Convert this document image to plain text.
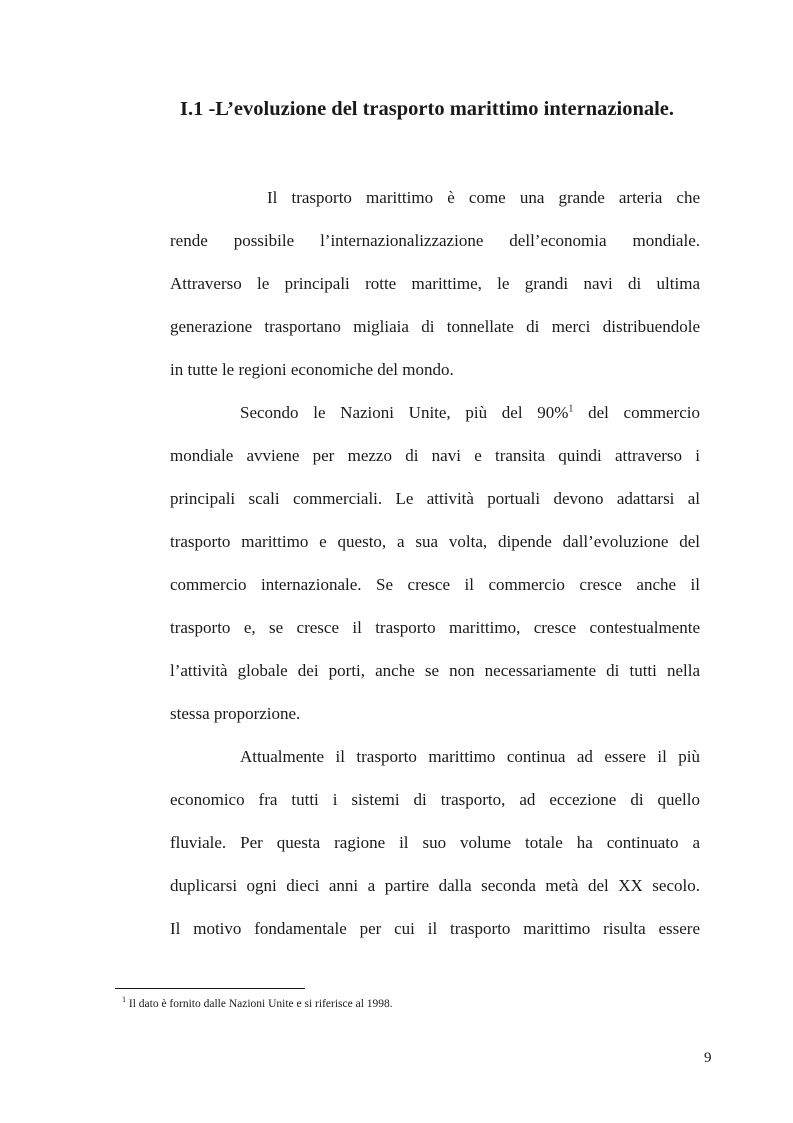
I.1 -L’evoluzione del trasporto marittimo internazionale.
Il trasporto marittimo è come una grande arteria che
rende possibile l’internazionalizzazione dell’economia mondiale.
Attraverso le principali rotte marittime, le grandi navi di ultima
generazione trasportano migliaia di tonnellate di merci distribuendole
in tutte le regioni economiche del mondo.
Secondo le Nazioni Unite, più del 90%$^1$ del commercio
mondiale avviene per mezzo di navi e transita quindi attraverso i
principali scali commerciali. Le attività portuali devono adattarsi al
trasporto marittimo e questo, a sua volta, dipende dall’evoluzione del
commercio internazionale. Se cresce il commercio cresce anche il
trasporto e, se cresce il trasporto marittimo, cresce contestualmente
l’attività globale dei porti, anche se non necessariamente di tutti nella
stessa proporzione.
Attualmente il trasporto marittimo continua ad essere il più
economico fra tutti i sistemi di trasporto, ad eccezione di quello
fluviale. Per questa ragione il suo volume totale ha continuato a
duplicarsi ogni dieci anni a partire dalla seconda metà del XX secolo.
Il motivo fondamentale per cui il trasporto marittimo risulta essere
$^1$ Il dato è fornito dalle Nazioni Unite e si riferisce al 1998.
9
